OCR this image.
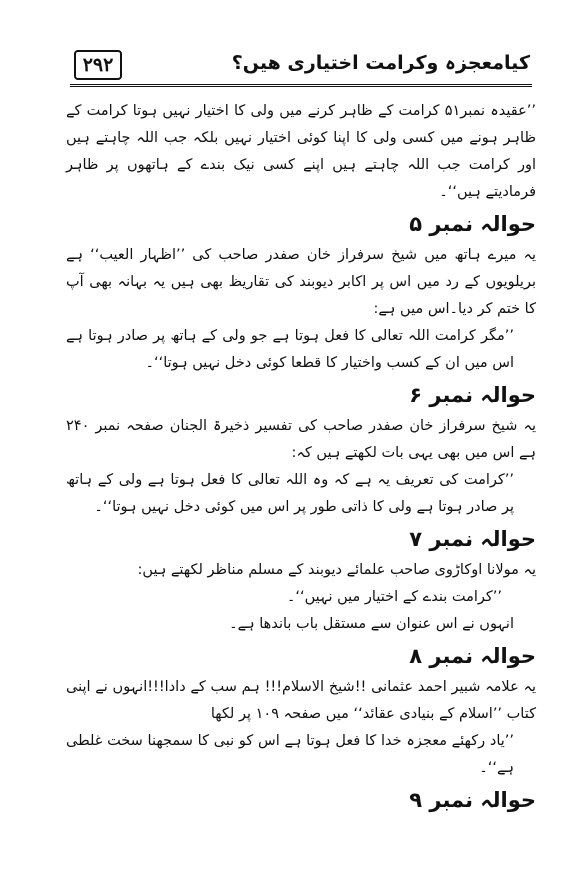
۲۹۲	کیامعجزہ وکرامت اختیاری ھیں؟

’’عقیدہ نمبر۵۱ کرامت کے ظاہر کرنے میں ولی کا اختیار نہیں ہوتا کرامت کے ظاہر ہونے میں کسی ولی کا اپنا کوئی اختیار نہیں بلکہ جب اللہ چاہتے ہیں اور کرامت جب اللہ چاہتے ہیں اپنے کسی نیک بندے کے ہاتھوں پر ظاہر فرمادیتے ہیں‘‘۔

حوالہ نمبر ۵

یہ میرے ہاتھ میں شیخ سرفراز خان صفدر صاحب کی ’’اظہار العیب‘‘ ہے بریلویوں کے رد میں اس پر اکابر دیوبند کی تقاریظ بھی ہیں یہ بہانہ بھی آپ کا ختم کر دیا۔اس میں ہے:

’’مگر کرامت اللہ تعالی کا فعل ہوتا ہے جو ولی کے ہاتھ پر صادر ہوتا ہے اس میں ان کے کسب واختیار کا قطعا کوئی دخل نہیں ہوتا‘‘۔

حوالہ نمبر ۶

یہ شیخ سرفراز خان صفدر صاحب کی تفسیر ذخیرۃ الجنان صفحہ نمبر ۲۴۰ ہے اس میں بھی یہی بات لکھتے ہیں کہ:

’’کرامت کی تعریف یہ ہے کہ وہ اللہ تعالی کا فعل ہوتا ہے ولی کے ہاتھ پر صادر ہوتا ہے ولی کا ذاتی طور پر اس میں کوئی دخل نہیں ہوتا‘‘۔

حوالہ نمبر ۷

یہ مولانا اوکاڑوی صاحب علمائے دیوبند کے مسلم مناظر لکھتے ہیں:

’’کرامت بندے کے اختیار میں نہیں‘‘۔

انہوں نے اس عنوان سے مستقل باب باندھا ہے۔

حوالہ نمبر ۸

یہ علامہ شبیر احمد عثمانی !!شیخ الاسلام!!! ہم سب کے دادا!!!انہوں نے اپنی کتاب ’’اسلام کے بنیادی عقائد‘‘ میں صفحہ ۱۰۹ پر لکھا

’’یاد رکھئے معجزہ خدا کا فعل ہوتا ہے اس کو نبی کا سمجھنا سخت غلطی ہے‘‘۔

حوالہ نمبر ۹
